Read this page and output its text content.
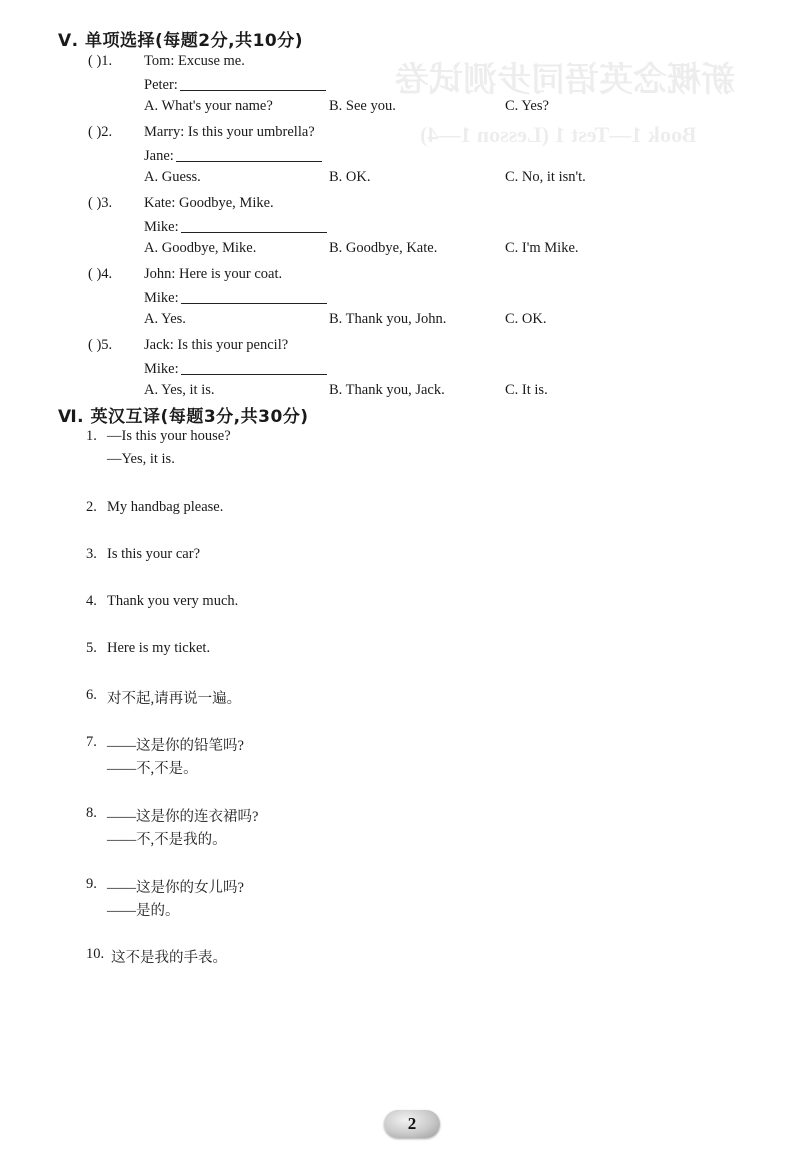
新概念英语同步测试卷
Book 1—Test 1 (Lesson 1—4)
Ⅴ. 单项选择(每题2分,共10分)
( )1. Tom: Excuse me.
Peter:
A. What's your name?	B. See you.	C. Yes?
( )2. Marry: Is this your umbrella?
Jane:
A. Guess.	B. OK.	C. No, it isn't.
( )3. Kate: Goodbye, Mike.
Mike:
A. Goodbye, Mike.	B. Goodbye, Kate.	C. I'm Mike.
( )4. John: Here is your coat.
Mike:
A. Yes.	B. Thank you, John.	C. OK.
( )5. Jack: Is this your pencil?
Mike:
A. Yes, it is.	B. Thank you, Jack.	C. It is.
Ⅵ. 英汉互译(每题3分,共30分)
1. —Is this your house?
—Yes, it is.
2. My handbag please.
3. Is this your car?
4. Thank you very much.
5. Here is my ticket.
6. 对不起,请再说一遍。
7. ——这是你的铅笔吗?
——不,不是。
8. ——这是你的连衣裙吗?
——不,不是我的。
9. ——这是你的女儿吗?
——是的。
10. 这不是我的手表。
2
